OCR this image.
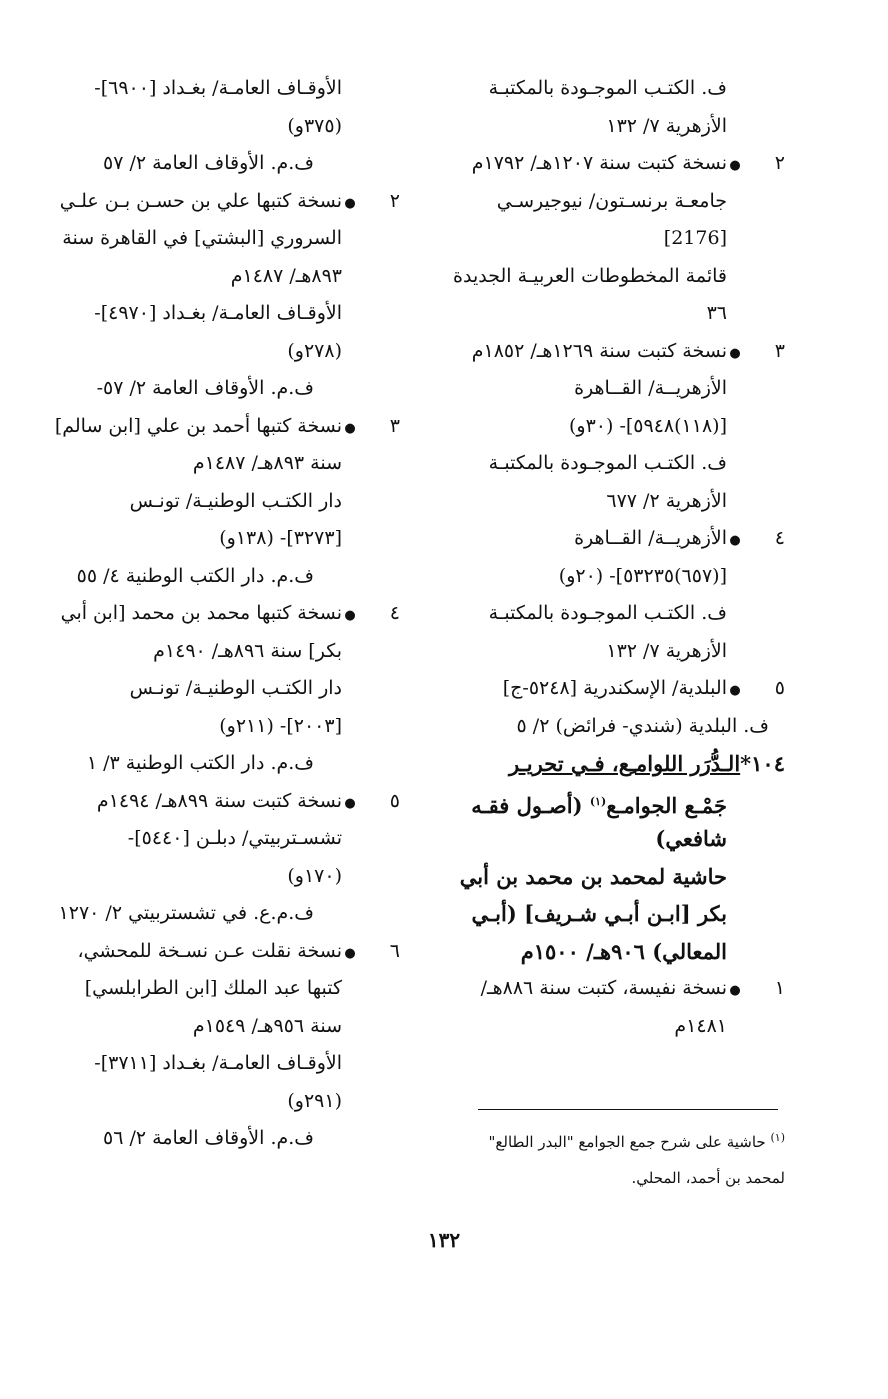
ف. الكتـب الموجـودة بالمكتبـة
الأزهرية ٧/ ١٣٢
٢●نسخة كتبت سنة ١٢٠٧هـ/ ١٧٩٢م
جامعـة برنسـتون/ نيوجيرسـي
[2176]
قائمة المخطوطات العربيـة الجديدة
٣٦
٣●نسخة كتبت سنة ١٢٦٩هـ/ ١٨٥٢م
الأزهريــة/ القــاهرة
[(١١٨)٥٩٤٨]- (٣٠و)
ف. الكتـب الموجـودة بالمكتبـة
الأزهرية ٢/ ٦٧٧
٤●الأزهريــة/ القــاهرة
[(٦٥٧)٥٣٢٣٥]- (٢٠و)
ف. الكتـب الموجـودة بالمكتبـة
الأزهرية ٧/ ١٣٢
٥●البلدية/ الإسكندرية [٥٢٤٨-ج]
ف. البلدية (شندي- فرائض) ٢/ ٥
١٠٤*الـدُّرَر اللوامـِع، فـي تحريـر
جَمْـع الجوامـع$^{(١)}$ (أصـول فقـه
شافعي)
حاشية لمحمد بن محمد بن أبي
بكر [ابـن أبـي شـريف] (أبـي
المعالي) ٩٠٦هـ/ ١٥٠٠م
١●نسخة نفيسة، كتبت سنة ٨٨٦هـ/
١٤٨١م
الأوقـاف العامـة/ بغـداد [٦٩٠٠]-
(٣٧٥و)
ف.م. الأوقاف العامة ٢/ ٥٧
٢●نسخة كتبها علي بن حسـن بـن علـي
السروري [البشتي] في القاهرة سنة
٨٩٣هـ/ ١٤٨٧م
الأوقـاف العامـة/ بغـداد [٤٩٧٠]-
(٢٧٨و)
ف.م. الأوقاف العامة ٢/ ٥٧-
٣●نسخة كتبها أحمد بن علي [ابن سالم]
سنة ٨٩٣هـ/ ١٤٨٧م
دار الكتـب الوطنيـة/ تونـس
[٣٢٧٣]- (١٣٨و)
ف.م. دار الكتب الوطنية ٤/ ٥٥
٤●نسخة كتبها محمد بن محمد [ابن أبي
بكر] سنة ٨٩٦هـ/ ١٤٩٠م
دار الكتـب الوطنيـة/ تونـس
[٢٠٠٣]- (٢١١و)
ف.م. دار الكتب الوطنية ٣/ ١
٥●نسخة كتبت سنة ٨٩٩هـ/ ١٤٩٤م
تشسـتربيتي/ دبلـن [٥٤٤٠]-
(١٧٠و)
ف.م.ع. في تشستربيتي ٢/ ١٢٧٠
٦●نسخة نقلت عـن نسـخة للمحشي،
كتبها عبد الملك [ابن الطرابلسي]
سنة ٩٥٦هـ/ ١٥٤٩م
الأوقـاف العامـة/ بغـداد [٣٧١١]-
(٢٩١و)
ف.م. الأوقاف العامة ٢/ ٥٦	$^{(١)}$ حاشية على شرح جمع الجوامع "البدر الطالع"
لمحمد بن أحمد، المحلي.
١٣٢
